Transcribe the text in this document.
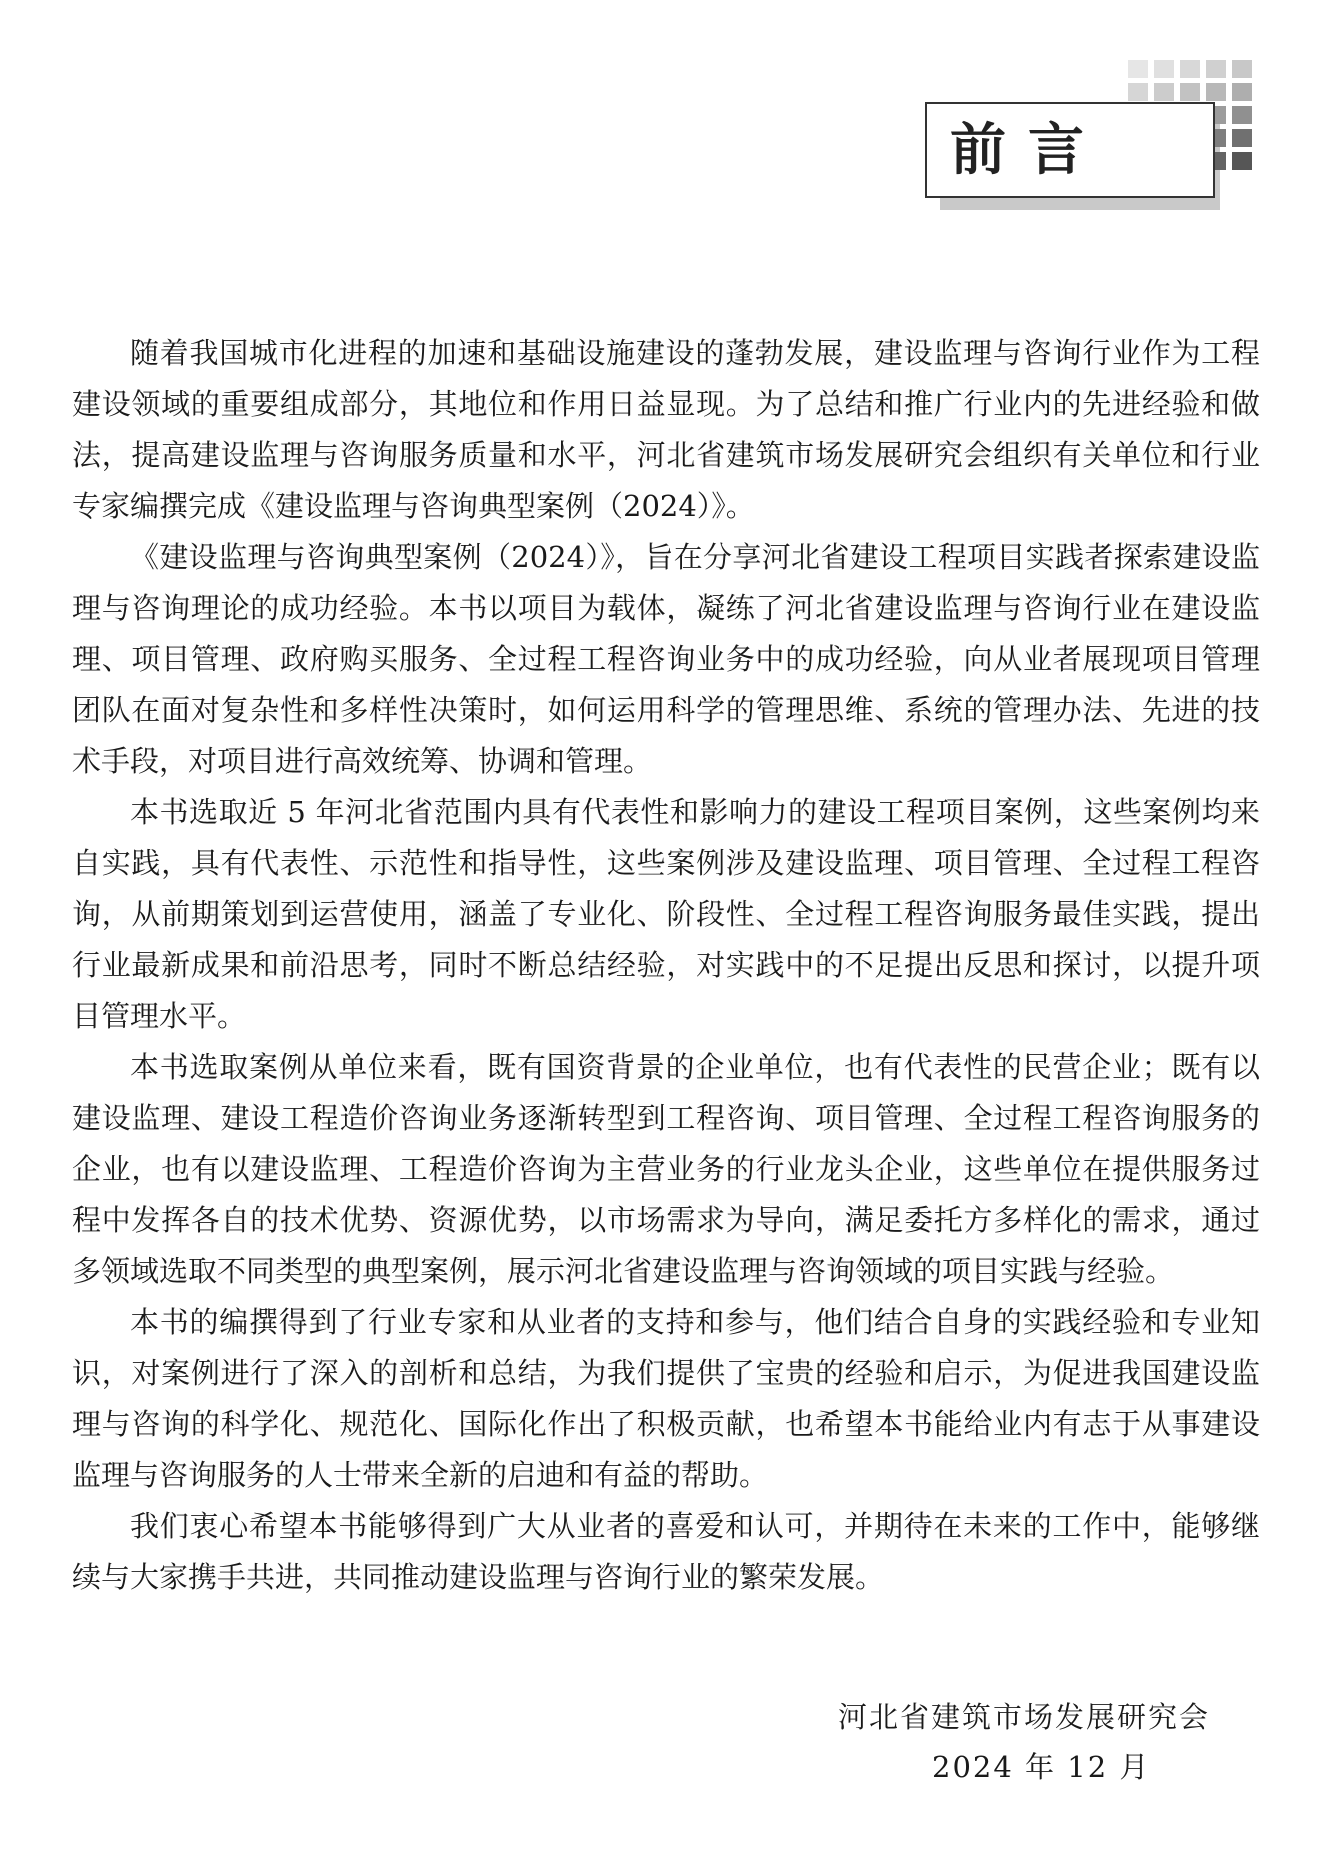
前言

随着我国城市化进程的加速和基础设施建设的蓬勃发展，建设监理与咨询行业作为工程建设领域的重要组成部分，其地位和作用日益显现。为了总结和推广行业内的先进经验和做法，提高建设监理与咨询服务质量和水平，河北省建筑市场发展研究会组织有关单位和行业专家编撰完成《建设监理与咨询典型案例（2024）》。

《建设监理与咨询典型案例（2024）》，旨在分享河北省建设工程项目实践者探索建设监理与咨询理论的成功经验。本书以项目为载体，凝练了河北省建设监理与咨询行业在建设监理、项目管理、政府购买服务、全过程工程咨询业务中的成功经验，向从业者展现项目管理团队在面对复杂性和多样性决策时，如何运用科学的管理思维、系统的管理办法、先进的技术手段，对项目进行高效统筹、协调和管理。

本书选取近 5 年河北省范围内具有代表性和影响力的建设工程项目案例，这些案例均来自实践，具有代表性、示范性和指导性，这些案例涉及建设监理、项目管理、全过程工程咨询，从前期策划到运营使用，涵盖了专业化、阶段性、全过程工程咨询服务最佳实践，提出行业最新成果和前沿思考，同时不断总结经验，对实践中的不足提出反思和探讨，以提升项目管理水平。

本书选取案例从单位来看，既有国资背景的企业单位，也有代表性的民营企业；既有以建设监理、建设工程造价咨询业务逐渐转型到工程咨询、项目管理、全过程工程咨询服务的企业，也有以建设监理、工程造价咨询为主营业务的行业龙头企业，这些单位在提供服务过程中发挥各自的技术优势、资源优势，以市场需求为导向，满足委托方多样化的需求，通过多领域选取不同类型的典型案例，展示河北省建设监理与咨询领域的项目实践与经验。

本书的编撰得到了行业专家和从业者的支持和参与，他们结合自身的实践经验和专业知识，对案例进行了深入的剖析和总结，为我们提供了宝贵的经验和启示，为促进我国建设监理与咨询的科学化、规范化、国际化作出了积极贡献，也希望本书能给业内有志于从事建设监理与咨询服务的人士带来全新的启迪和有益的帮助。

我们衷心希望本书能够得到广大从业者的喜爱和认可，并期待在未来的工作中，能够继续与大家携手共进，共同推动建设监理与咨询行业的繁荣发展。

河北省建筑市场发展研究会
2024 年 12 月
